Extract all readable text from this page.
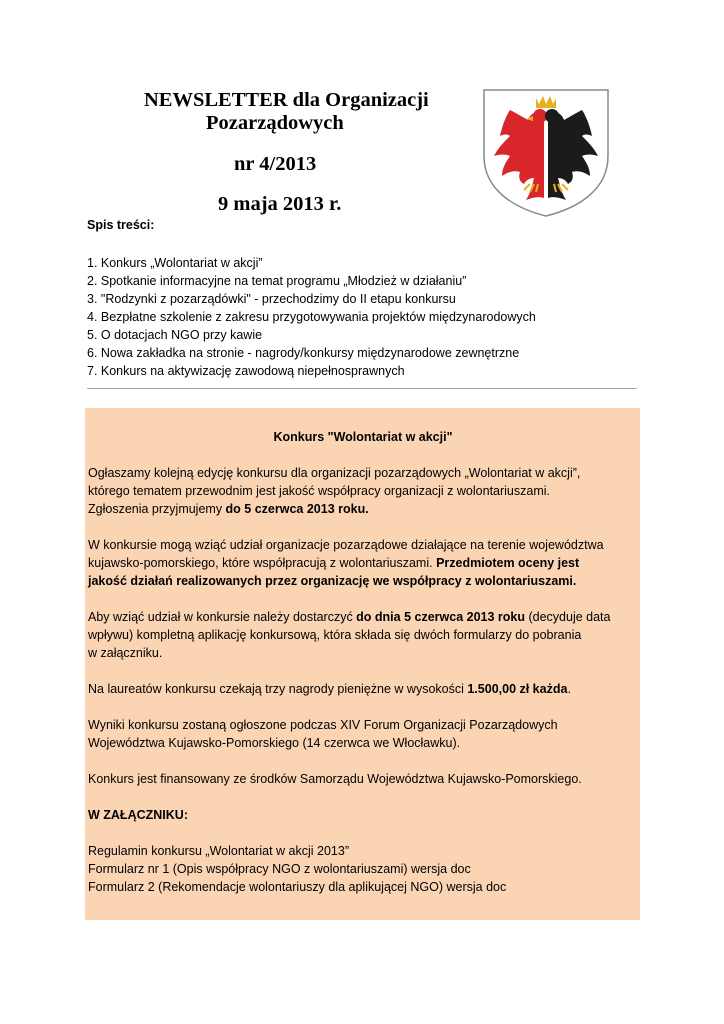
NEWSLETTER dla Organizacji
Pozarządowych
nr 4/2013
9 maja 2013 r.
Spis treści:
1. Konkurs „Wolontariat w akcji”
2. Spotkanie informacyjne na temat programu „Młodzież w działaniu”
3. "Rodzynki z pozarządówki" - przechodzimy do II etapu konkursu
4. Bezpłatne szkolenie z zakresu przygotowywania projektów międzynarodowych
5. O dotacjach NGO przy kawie
6. Nowa zakładka na stronie - nagrody/konkursy międzynarodowe zewnętrzne
7. Konkurs na aktywizację zawodową niepełnosprawnych
Konkurs "Wolontariat w akcji"

Ogłaszamy kolejną edycję konkursu dla organizacji pozarządowych „Wolontariat w akcji”,
którego tematem przewodnim jest jakość współpracy organizacji z wolontariuszami.
Zgłoszenia przyjmujemy do 5 czerwca 2013 roku.

W konkursie mogą wziąć udział organizacje pozarządowe działające na terenie województwa
kujawsko-pomorskiego, które współpracują z wolontariuszami. Przedmiotem oceny jest
jakość działań realizowanych przez organizację we współpracy z wolontariuszami.

Aby wziąć udział w konkursie należy dostarczyć do dnia 5 czerwca 2013 roku (decyduje data
wpływu) kompletną aplikację konkursową, która składa się dwóch formularzy do pobrania
w załączniku.

Na laureatów konkursu czekają trzy nagrody pieniężne w wysokości 1.500,00 zł każda.

Wyniki konkursu zostaną ogłoszone podczas XIV Forum Organizacji Pozarządowych
Województwa Kujawsko-Pomorskiego (14 czerwca we Włocławku).

Konkurs jest finansowany ze środków Samorządu Województwa Kujawsko-Pomorskiego.

W ZAŁĄCZNIKU:

Regulamin konkursu „Wolontariat w akcji 2013”

Formularz nr 1 (Opis współpracy NGO z wolontariuszami) wersja doc

Formularz 2 (Rekomendacje wolontariuszy dla aplikującej NGO) wersja doc
